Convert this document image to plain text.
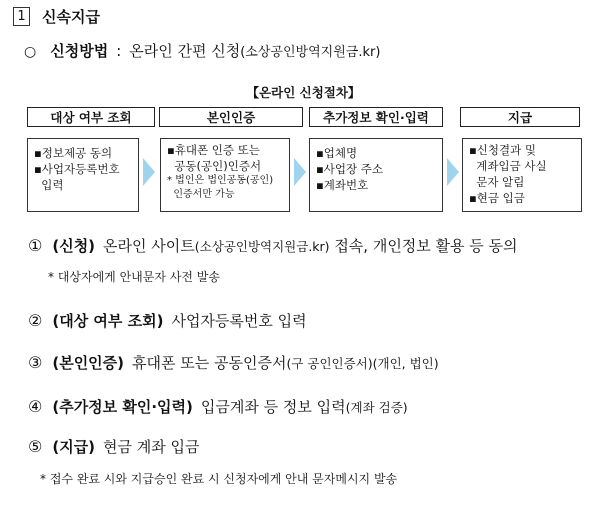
1 신속지급
○ 신청방법 : 온라인 간편 신청 (소상공인방역지원금.kr)
【온라인 신청절차】
대상 여부 조회	본인인증	추가정보 확인·입력	지급
▪정보제공 동의
▪사업자등록번호
입력
▪휴대폰 인증 또는
공동(공인)인증서
* 법인은 법인공동(공인)
인증서만 가능
▪업체명
▪사업장 주소
▪계좌번호
▪신청결과 및
계좌입금 사실
문자 알림
▪현금 입금
① (신청) 온라인 사이트 (소상공인방역지원금.kr) 접속, 개인정보 활용 등 동의
* 대상자에게 안내문자 사전 발송
② (대상 여부 조회) 사업자등록번호 입력
③ (본인인증) 휴대폰 또는 공동인증서 (구 공인인증서)(개인, 법인)
④ (추가정보 확인·입력) 입금계좌 등 정보 입력 (계좌 검증)
⑤ (지급) 현금 계좌 입금
* 접수 완료 시와 지급승인 완료 시 신청자에게 안내 문자메시지 발송
